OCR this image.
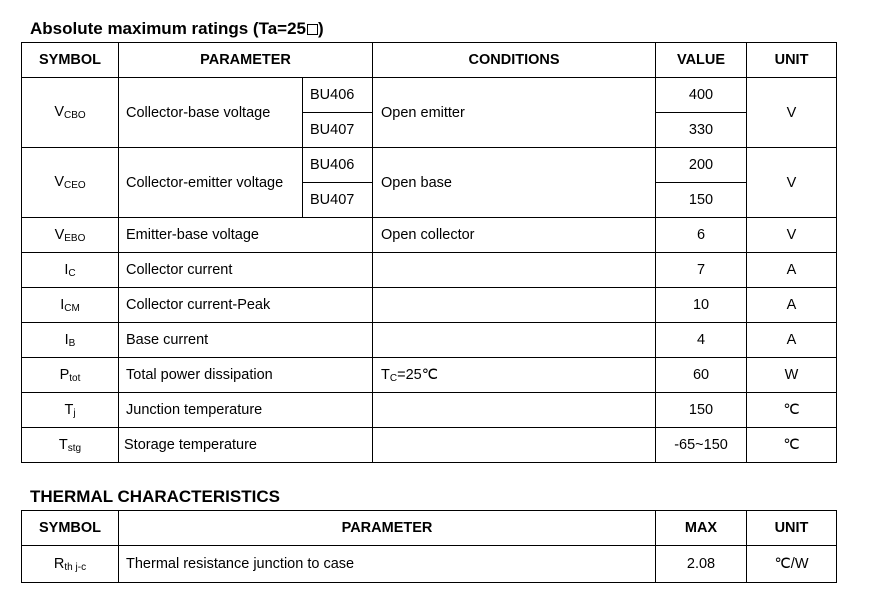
Absolute maximum ratings (Ta=25 )
SYMBOL	PARAMETER		CONDITIONS	VALUE	UNIT
$V_{CBO}$	Collector-base voltage	BU406	Open emitter	400	V
		BU407		330	
$V_{CEO}$	Collector-emitter voltage	BU406	Open base	200	V
		BU407		150	
$V_{EBO}$	Emitter-base voltage		Open collector	6	V
$I_C$	Collector current			7	A
$I_{CM}$	Collector current-Peak			10	A
$I_B$	Base current			4	A
$P_{tot}$	Total power dissipation		$T_C=25℃$	60	W
$T_j$	Junction temperature			150	℃
$T_{stg}$	Storage temperature			-65~150	℃
THERMAL CHARACTERISTICS
SYMBOL	PARAMETER	MAX	UNIT
$R_{th j-c}$	Thermal resistance junction to case	2.08	℃/W
